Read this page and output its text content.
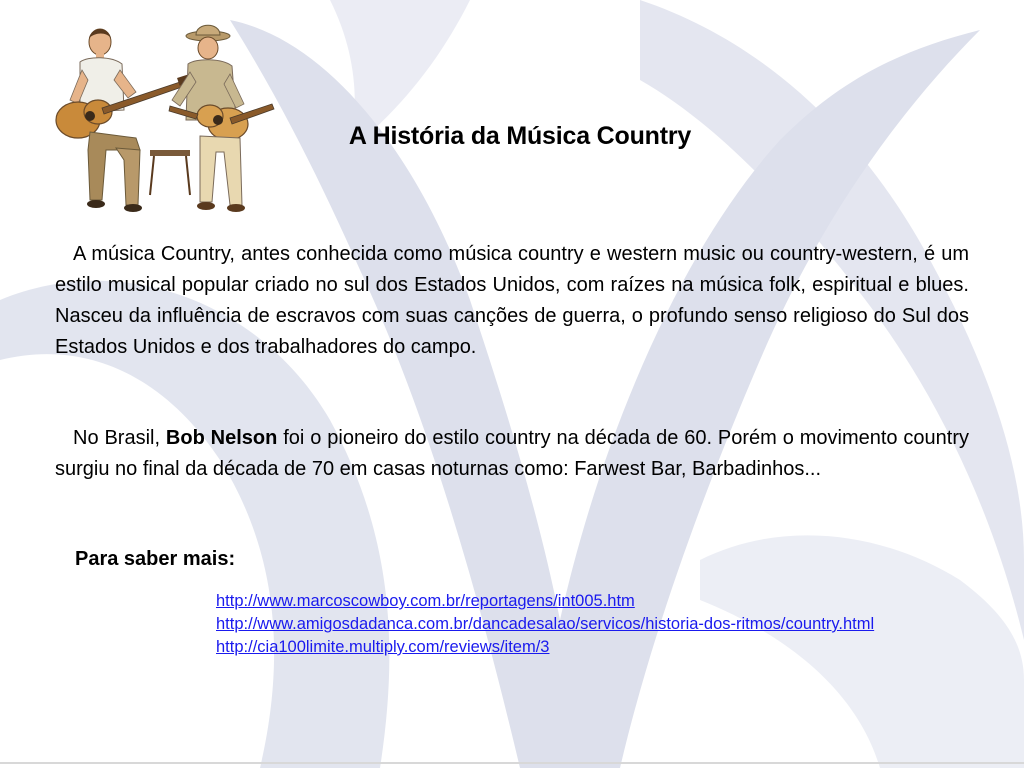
A História da Música Country
A música Country, antes conhecida como música country e western music ou country-western, é um estilo musical popular criado no sul dos Estados Unidos, com raízes na música folk, espiritual e blues. Nasceu da influência de escravos com suas canções de guerra, o profundo senso religioso do Sul dos Estados Unidos e dos trabalhadores do campo.
No Brasil, Bob Nelson foi o pioneiro do estilo country na década de 60. Porém o movimento country surgiu no final da década de 70 em casas noturnas como: Farwest Bar, Barbadinhos...
Para saber mais:
http://www.marcoscowboy.com.br/reportagens/int005.htm
http://www.amigosdadanca.com.br/dancadesalao/servicos/historia-dos-ritmos/country.html
http://cia100limite.multiply.com/reviews/item/3
